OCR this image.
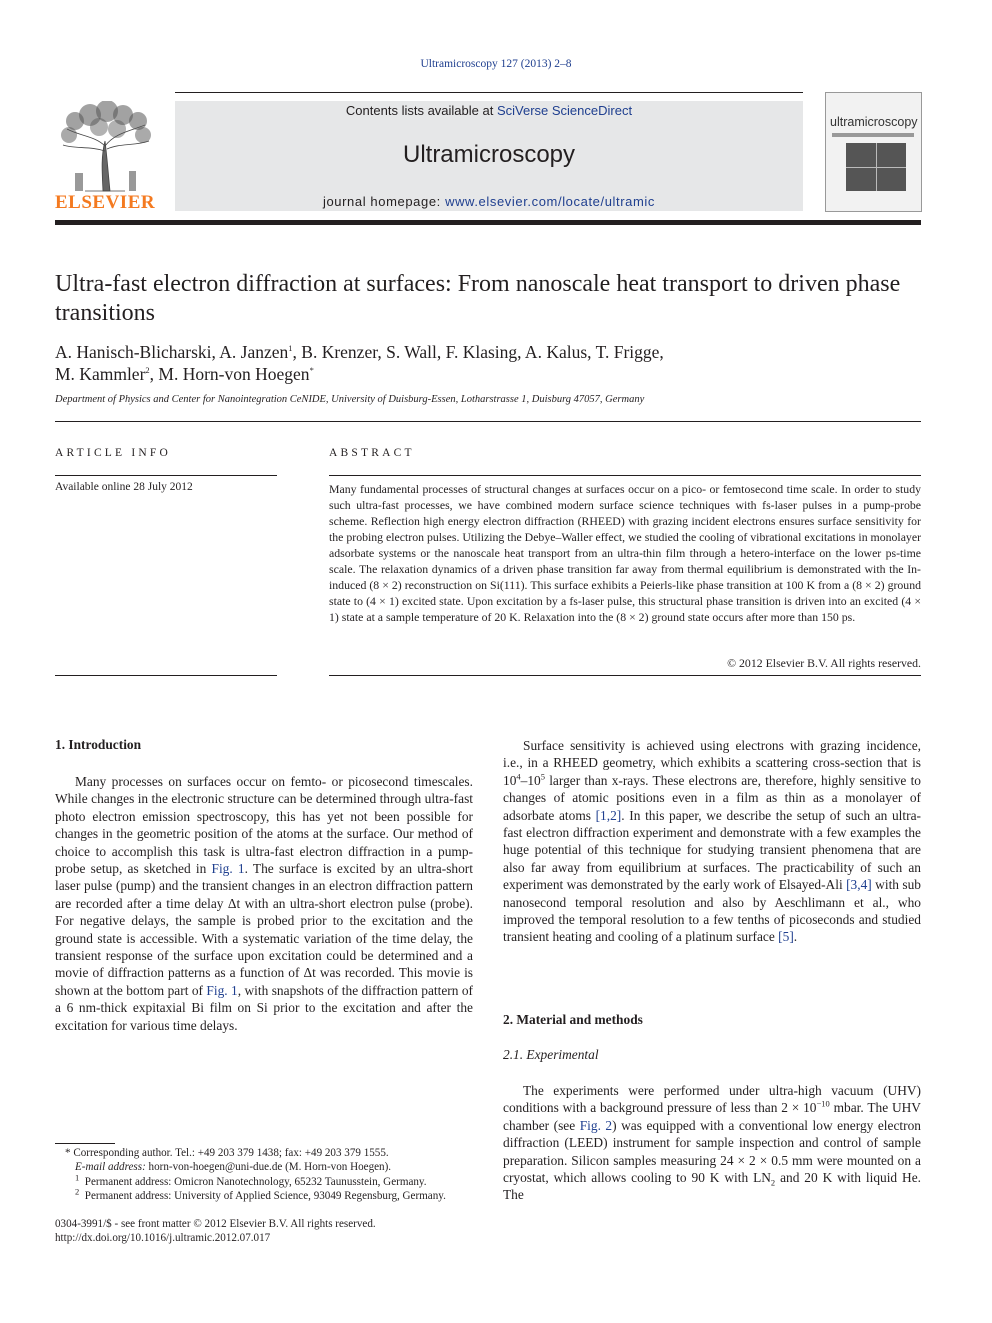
Ultramicroscopy 127 (2013) 2–8
ELSEVIER
Contents lists available at SciVerse ScienceDirect
Ultramicroscopy
journal homepage: www.elsevier.com/locate/ultramic
ultramicroscopy
Ultra-fast electron diffraction at surfaces: From nanoscale heat transport to driven phase transitions
A. Hanisch-Blicharski, A. Janzen$^1$, B. Krenzer, S. Wall, F. Klasing, A. Kalus, T. Frigge,
M. Kammler$^2$, M. Horn-von Hoegen*
Department of Physics and Center for Nanointegration CeNIDE, University of Duisburg-Essen, Lotharstrasse 1, Duisburg 47057, Germany
ARTICLE INFO
Available online 28 July 2012
ABSTRACT
Many fundamental processes of structural changes at surfaces occur on a pico- or femtosecond time scale. In order to study such ultra-fast processes, we have combined modern surface science techniques with fs-laser pulses in a pump-probe scheme. Reflection high energy electron diffraction (RHEED) with grazing incident electrons ensures surface sensitivity for the probing electron pulses. Utilizing the Debye–Waller effect, we studied the cooling of vibrational excitations in monolayer adsorbate systems or the nanoscale heat transport from an ultra-thin film through a hetero-interface on the lower ps-time scale. The relaxation dynamics of a driven phase transition far away from thermal equilibrium is demonstrated with the In-induced (8 × 2) reconstruction on Si(111). This surface exhibits a Peierls-like phase transition at 100 K from a (8 × 2) ground state to (4 × 1) excited state. Upon excitation by a fs-laser pulse, this structural phase transition is driven into an excited (4 × 1) state at a sample temperature of 20 K. Relaxation into the (8 × 2) ground state occurs after more than 150 ps.
© 2012 Elsevier B.V. All rights reserved.
1. Introduction

Many processes on surfaces occur on femto- or picosecond timescales. While changes in the electronic structure can be determined through ultra-fast photo electron emission spectroscopy, this has yet not been possible for changes in the geometric position of the atoms at the surface. Our method of choice to accomplish this task is ultra-fast electron diffraction in a pump-probe setup, as sketched in Fig. 1. The surface is excited by an ultra-short laser pulse (pump) and the transient changes in an electron diffraction pattern are recorded after a time delay Δt with an ultra-short electron pulse (probe). For negative delays, the sample is probed prior to the excitation and the ground state is accessible. With a systematic variation of the time delay, the transient response of the surface upon excitation could be determined and a movie of diffraction patterns as a function of Δt was recorded. This movie is shown at the bottom part of Fig. 1, with snapshots of the diffraction pattern of a 6 nm-thick expitaxial Bi film on Si prior to the excitation and after the excitation for various time delays.

* Corresponding author. Tel.: +49 203 379 1438; fax: +49 203 379 1555.

E-mail address: horn-von-hoegen@uni-due.de (M. Horn-von Hoegen).

$^1$ Permanent address: Omicron Nanotechnology, 65232 Taunusstein, Germany.

$^2$ Permanent address: University of Applied Science, 93049 Regensburg, Germany.

0304-3991/$ - see front matter © 2012 Elsevier B.V. All rights reserved.

http://dx.doi.org/10.1016/j.ultramic.2012.07.017

Surface sensitivity is achieved using electrons with grazing incidence, i.e., in a RHEED geometry, which exhibits a scattering cross-section that is $10^4-10^5$ larger than x-rays. These electrons are, therefore, highly sensitive to changes of atomic positions even in a film as thin as a monolayer of adsorbate atoms [1,2]. In this paper, we describe the setup of such an ultra-fast electron diffraction experiment and demonstrate with a few examples the huge potential of this technique for studying transient phenomena that are also far away from equilibrium at surfaces. The practicability of such an experiment was demonstrated by the early work of Elsayed-Ali [3,4] with sub nanosecond temporal resolution and also by Aeschlimann et al., who improved the temporal resolution to a few tenths of picoseconds and studied transient heating and cooling of a platinum surface [5].

2. Material and methods
2.1. Experimental

The experiments were performed under ultra-high vacuum (UHV) conditions with a background pressure of less than $2 \times 10^{-10}$ mbar. The UHV chamber (see Fig. 2) was equipped with a conventional low energy electron diffraction (LEED) instrument for sample inspection and control of sample preparation. Silicon samples measuring 24 × 2 × 0.5 mm were mounted on a cryostat, which allows cooling to 90 K with $LN_2$ and 20 K with liquid He. The
